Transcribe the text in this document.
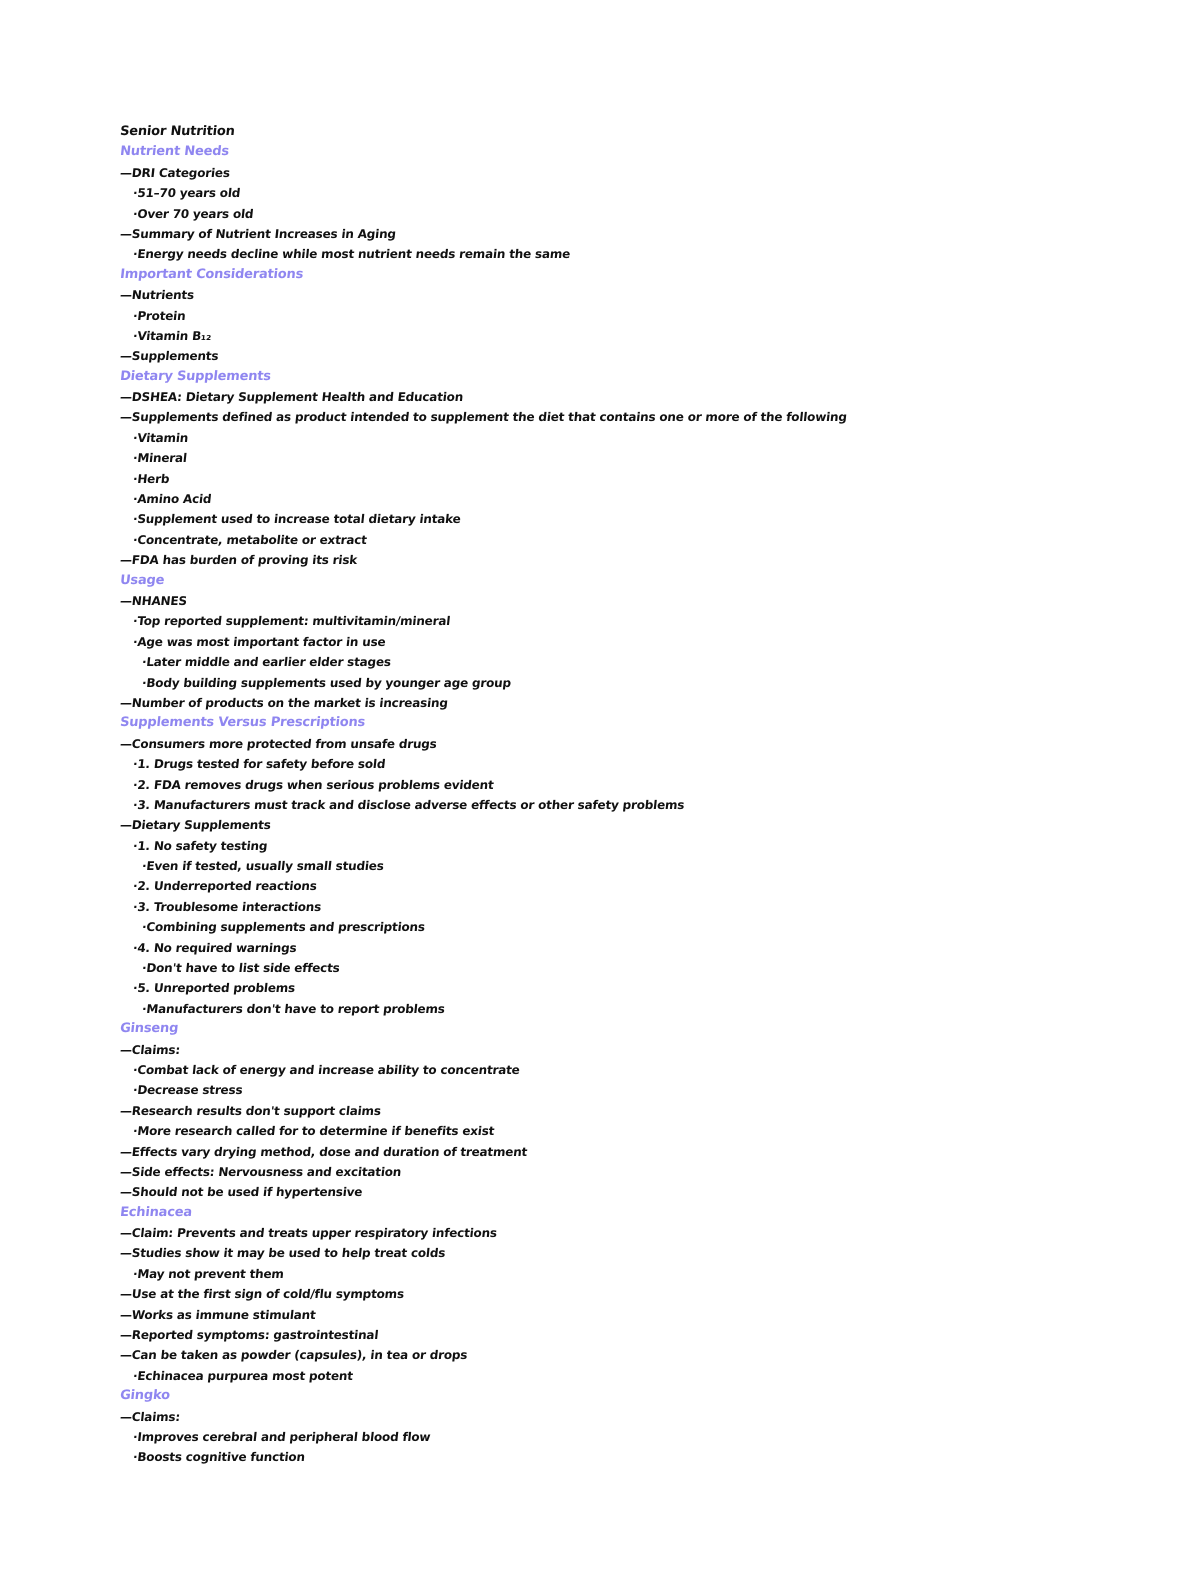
Senior Nutrition
Nutrient Needs
— DRI Categories
·51–70 years old
·Over 70 years old
— Summary of Nutrient Increases in Aging
·Energy needs decline while most nutrient needs remain the same
Important Considerations
— Nutrients
·Protein
·Vitamin B₁₂
— Supplements
Dietary Supplements
— DSHEA: Dietary Supplement Health and Education
— Supplements defined as product intended to supplement the diet that contains one or more of the following
·Vitamin
·Mineral
·Herb
·Amino Acid
·Supplement used to increase total dietary intake
·Concentrate, metabolite or extract
— FDA has burden of proving its risk
Usage
— NHANES
·Top reported supplement: multivitamin/mineral
·Age was most important factor in use
·Later middle and earlier elder stages
·Body building supplements used by younger age group
— Number of products on the market is increasing
Supplements Versus Prescriptions
— Consumers more protected from unsafe drugs
·1. Drugs tested for safety before sold
·2. FDA removes drugs when serious problems evident
·3. Manufacturers must track and disclose adverse effects or other safety problems
— Dietary Supplements
·1. No safety testing
·Even if tested, usually small studies
·2. Underreported reactions
·3. Troublesome interactions
·Combining supplements and prescriptions
·4. No required warnings
·Don't have to list side effects
·5. Unreported problems
·Manufacturers don't have to report problems
Ginseng
— Claims:
·Combat lack of energy and increase ability to concentrate
·Decrease stress
— Research results don't support claims
·More research called for to determine if benefits exist
— Effects vary drying method, dose and duration of treatment
— Side effects: Nervousness and excitation
— Should not be used if hypertensive
Echinacea
— Claim: Prevents and treats upper respiratory infections
— Studies show it may be used to help treat colds
·May not prevent them
— Use at the first sign of cold/flu symptoms
— Works as immune stimulant
— Reported symptoms: gastrointestinal
— Can be taken as powder (capsules), in tea or drops
·Echinacea purpurea most potent
Gingko
— Claims:
·Improves cerebral and peripheral blood flow
·Boosts cognitive function
